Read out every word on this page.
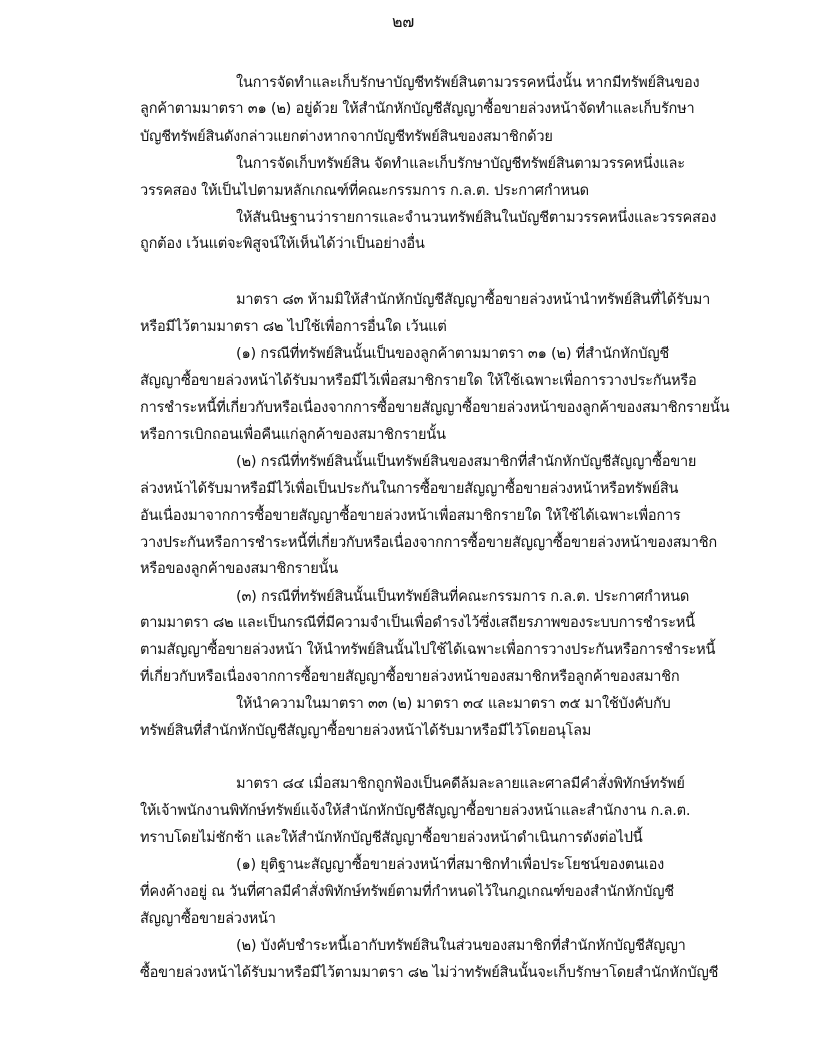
๒๗

ในการจัดทำและเก็บรักษาบัญชีทรัพย์สินตามวรรคหนึ่งนั้น หากมีทรัพย์สินของ

ลูกค้าตามมาตรา ๓๑ (๒) อยู่ด้วย ให้สำนักหักบัญชีสัญญาซื้อขายล่วงหน้าจัดทำและเก็บรักษา

บัญชีทรัพย์สินดังกล่าวแยกต่างหากจากบัญชีทรัพย์สินของสมาชิกด้วย

ในการจัดเก็บทรัพย์สิน จัดทำและเก็บรักษาบัญชีทรัพย์สินตามวรรคหนึ่งและ

วรรคสอง ให้เป็นไปตามหลักเกณฑ์ที่คณะกรรมการ ก.ล.ต. ประกาศกำหนด

ให้สันนิษฐานว่ารายการและจำนวนทรัพย์สินในบัญชีตามวรรคหนึ่งและวรรคสอง

ถูกต้อง เว้นแต่จะพิสูจน์ให้เห็นได้ว่าเป็นอย่างอื่น

มาตรา ๘๓ ห้ามมิให้สำนักหักบัญชีสัญญาซื้อขายล่วงหน้านำทรัพย์สินที่ได้รับมา

หรือมีไว้ตามมาตรา ๘๒ ไปใช้เพื่อการอื่นใด เว้นแต่

(๑) กรณีที่ทรัพย์สินนั้นเป็นของลูกค้าตามมาตรา ๓๑ (๒) ที่สำนักหักบัญชี

สัญญาซื้อขายล่วงหน้าได้รับมาหรือมีไว้เพื่อสมาชิกรายใด ให้ใช้เฉพาะเพื่อการวางประกันหรือ

การชำระหนี้ที่เกี่ยวกับหรือเนื่องจากการซื้อขายสัญญาซื้อขายล่วงหน้าของลูกค้าของสมาชิกรายนั้น

หรือการเบิกถอนเพื่อคืนแก่ลูกค้าของสมาชิกรายนั้น

(๒) กรณีที่ทรัพย์สินนั้นเป็นทรัพย์สินของสมาชิกที่สำนักหักบัญชีสัญญาซื้อขาย

ล่วงหน้าได้รับมาหรือมีไว้เพื่อเป็นประกันในการซื้อขายสัญญาซื้อขายล่วงหน้าหรือทรัพย์สิน

อันเนื่องมาจากการซื้อขายสัญญาซื้อขายล่วงหน้าเพื่อสมาชิกรายใด ให้ใช้ได้เฉพาะเพื่อการ

วางประกันหรือการชำระหนี้ที่เกี่ยวกับหรือเนื่องจากการซื้อขายสัญญาซื้อขายล่วงหน้าของสมาชิก

หรือของลูกค้าของสมาชิกรายนั้น

(๓) กรณีที่ทรัพย์สินนั้นเป็นทรัพย์สินที่คณะกรรมการ ก.ล.ต. ประกาศกำหนด

ตามมาตรา ๘๒ และเป็นกรณีที่มีความจำเป็นเพื่อดำรงไว้ซึ่งเสถียรภาพของระบบการชำระหนี้

ตามสัญญาซื้อขายล่วงหน้า ให้นำทรัพย์สินนั้นไปใช้ได้เฉพาะเพื่อการวางประกันหรือการชำระหนี้

ที่เกี่ยวกับหรือเนื่องจากการซื้อขายสัญญาซื้อขายล่วงหน้าของสมาชิกหรือลูกค้าของสมาชิก

ให้นำความในมาตรา ๓๓ (๒) มาตรา ๓๔ และมาตรา ๓๕ มาใช้บังคับกับ

ทรัพย์สินที่สำนักหักบัญชีสัญญาซื้อขายล่วงหน้าได้รับมาหรือมีไว้โดยอนุโลม

มาตรา ๘๔ เมื่อสมาชิกถูกฟ้องเป็นคดีล้มละลายและศาลมีคำสั่งพิทักษ์ทรัพย์

ให้เจ้าพนักงานพิทักษ์ทรัพย์แจ้งให้สำนักหักบัญชีสัญญาซื้อขายล่วงหน้าและสำนักงาน ก.ล.ต.

ทราบโดยไม่ชักช้า และให้สำนักหักบัญชีสัญญาซื้อขายล่วงหน้าดำเนินการดังต่อไปนี้

(๑) ยุติฐานะสัญญาซื้อขายล่วงหน้าที่สมาชิกทำเพื่อประโยชน์ของตนเอง

ที่คงค้างอยู่ ณ วันที่ศาลมีคำสั่งพิทักษ์ทรัพย์ตามที่กำหนดไว้ในกฎเกณฑ์ของสำนักหักบัญชี

สัญญาซื้อขายล่วงหน้า

(๒) บังคับชำระหนี้เอากับทรัพย์สินในส่วนของสมาชิกที่สำนักหักบัญชีสัญญา

ซื้อขายล่วงหน้าได้รับมาหรือมีไว้ตามมาตรา ๘๒ ไม่ว่าทรัพย์สินนั้นจะเก็บรักษาโดยสำนักหักบัญชี
